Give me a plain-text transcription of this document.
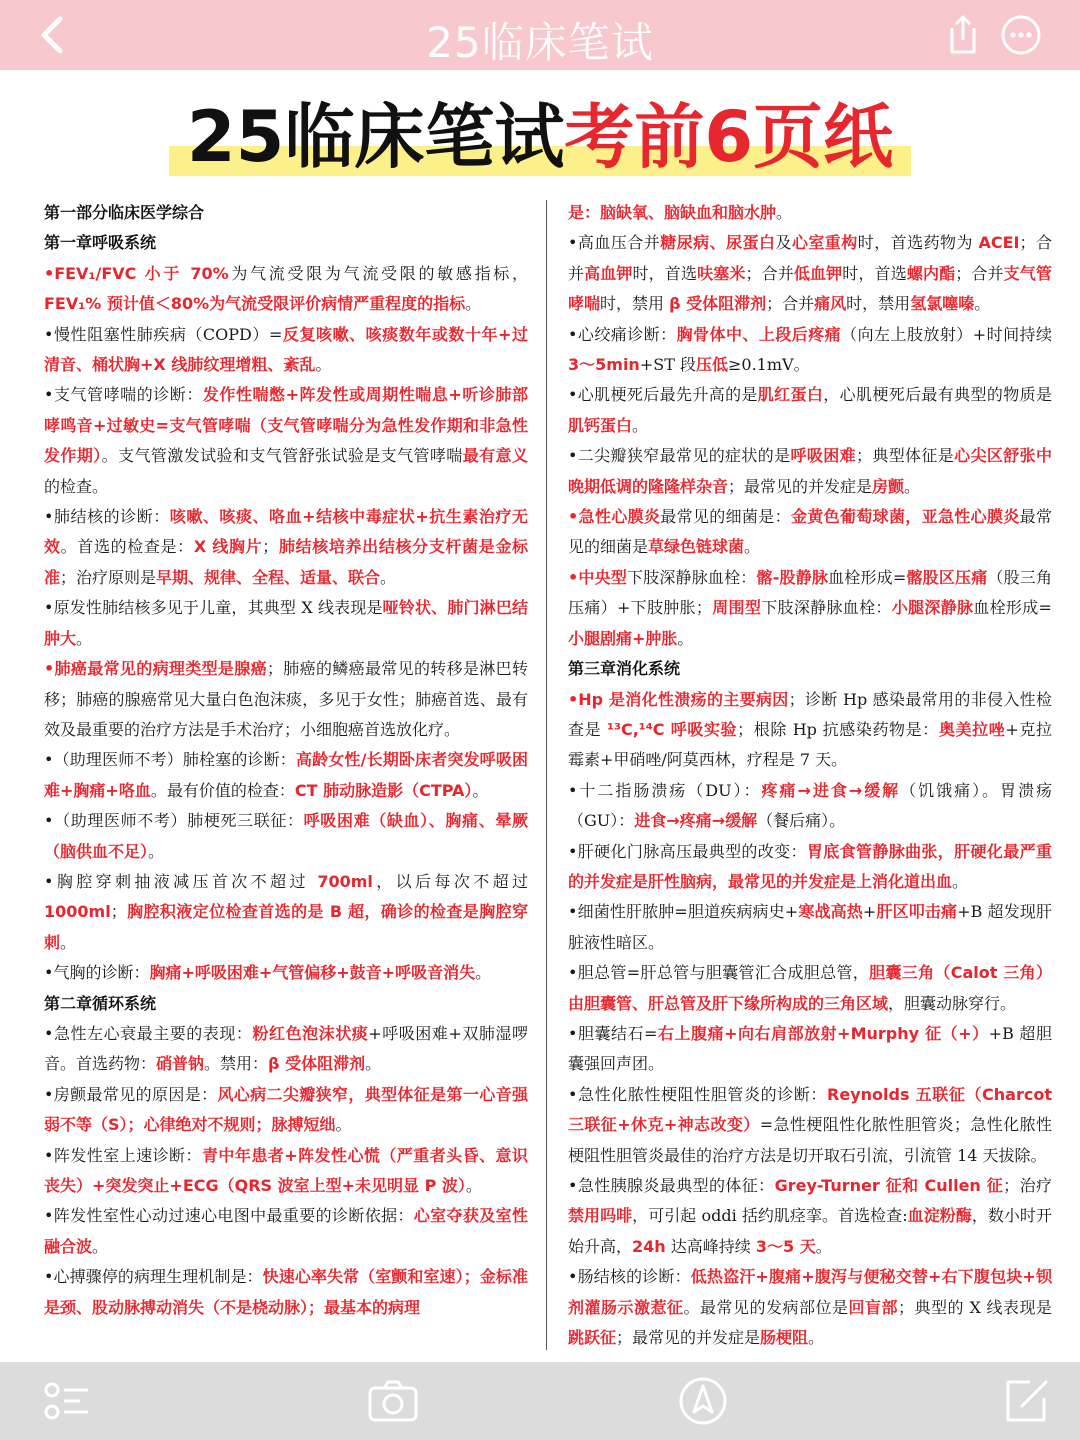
25临床笔试
25临床笔试考前6页纸

第一部分临床医学综合

第一章呼吸系统

•FEV₁/FVC 小于 70%为气流受限为气流受限的敏感指标，FEV₁% 预计值＜80%为气流受限评价病情严重程度的指标。

•慢性阻塞性肺疾病（COPD）=反复咳嗽、咳痰数年或数十年+过清音、桶状胸+X 线肺纹理增粗、紊乱。

•支气管哮喘的诊断：发作性喘憋+阵发性或周期性喘息+听诊肺部哮鸣音+过敏史=支气管哮喘（支气管哮喘分为急性发作期和非急性发作期）。支气管激发试验和支气管舒张试验是支气管哮喘最有意义的检查。

•肺结核的诊断：咳嗽、咳痰、咯血+结核中毒症状+抗生素治疗无效。首选的检查是：X 线胸片；肺结核培养出结核分支杆菌是金标准；治疗原则是早期、规律、全程、适量、联合。

•原发性肺结核多见于儿童，其典型 X 线表现是哑铃状、肺门淋巴结肿大。

•肺癌最常见的病理类型是腺癌；肺癌的鳞癌最常见的转移是淋巴转移；肺癌的腺癌常见大量白色泡沫痰，多见于女性；肺癌首选、最有效及最重要的治疗方法是手术治疗；小细胞癌首选放化疗。

•（助理医师不考）肺栓塞的诊断：高龄女性/长期卧床者突发呼吸困难+胸痛+咯血。最有价值的检查：CT 肺动脉造影（CTPA）。

•（助理医师不考）肺梗死三联征：呼吸困难（缺血）、胸痛、晕厥（脑供血不足）。

•胸腔穿刺抽液减压首次不超过 700ml，以后每次不超过 1000ml；胸腔积液定位检查首选的是 B 超，确诊的检查是胸腔穿刺。

•气胸的诊断：胸痛+呼吸困难+气管偏移+鼓音+呼吸音消失。

第二章循环系统

•急性左心衰最主要的表现：粉红色泡沫状痰+呼吸困难+双肺湿啰音。首选药物：硝普钠。禁用：β 受体阻滞剂。

•房颤最常见的原因是：风心病二尖瓣狭窄，典型体征是第一心音强弱不等（S）；心律绝对不规则；脉搏短绌。

•阵发性室上速诊断：青中年患者+阵发性心慌（严重者头昏、意识丧失）+突发突止+ECG（QRS 波室上型+未见明显 P 波）。

•阵发性室性心动过速心电图中最重要的诊断依据：心室夺获及室性融合波。

•心搏骤停的病理生理机制是：快速心率失常（室颤和室速）；金标准是颈、股动脉搏动消失（不是桡动脉）；最基本的病理

是：脑缺氧、脑缺血和脑水肿。

•高血压合并糖尿病、尿蛋白及心室重构时，首选药物为 ACEI；合并高血钾时，首选呋塞米；合并低血钾时，首选螺内酯；合并支气管哮喘时，禁用 β 受体阻滞剂；合并痛风时，禁用氢氯噻嗪。

•心绞痛诊断：胸骨体中、上段后疼痛（向左上肢放射）+时间持续 3～5min+ST 段压低≥0.1mV。

•心肌梗死后最先升高的是肌红蛋白，心肌梗死后最有典型的物质是肌钙蛋白。

•二尖瓣狭窄最常见的症状的是呼吸困难；典型体征是心尖区舒张中晚期低调的隆隆样杂音；最常见的并发症是房颤。

•急性心膜炎最常见的细菌是：金黄色葡萄球菌，亚急性心膜炎最常见的细菌是草绿色链球菌。

•中央型下肢深静脉血栓：髂-股静脉血栓形成=髂股区压痛（股三角压痛）+下肢肿胀；周围型下肢深静脉血栓：小腿深静脉血栓形成=小腿剧痛+肿胀。

第三章消化系统

•Hp 是消化性溃疡的主要病因；诊断 Hp 感染最常用的非侵入性检查是 ¹³C,¹⁴C 呼吸实验；根除 Hp 抗感染药物是：奥美拉唑+克拉霉素+甲硝唑/阿莫西林，疗程是 7 天。

•十二指肠溃疡（DU）：疼痛→进食→缓解（饥饿痛）。胃溃疡（GU）：进食→疼痛→缓解（餐后痛）。

•肝硬化门脉高压最典型的改变：胃底食管静脉曲张，肝硬化最严重的并发症是肝性脑病，最常见的并发症是上消化道出血。

•细菌性肝脓肿=胆道疾病病史+寒战高热+肝区叩击痛+B 超发现肝脏液性暗区。

•胆总管=肝总管与胆囊管汇合成胆总管，胆囊三角（Calot 三角）由胆囊管、肝总管及肝下缘所构成的三角区域，胆囊动脉穿行。

•胆囊结石=右上腹痛+向右肩部放射+Murphy 征（+）+B 超胆囊强回声团。

•急性化脓性梗阻性胆管炎的诊断：Reynolds 五联征（Charcot 三联征+休克+神志改变）=急性梗阻性化脓性胆管炎；急性化脓性梗阻性胆管炎最佳的治疗方法是切开取石引流，引流管 14 天拔除。

•急性胰腺炎最典型的体征：Grey-Turner 征和 Cullen 征；治疗禁用吗啡，可引起 oddi 括约肌痉挛。首选检查:血淀粉酶，数小时开始升高，24h 达高峰持续 3～5 天。

•肠结核的诊断：低热盗汗+腹痛+腹泻与便秘交替+右下腹包块+钡剂灌肠示激惹征。最常见的发病部位是回盲部；典型的 X 线表现是跳跃征；最常见的并发症是肠梗阻。
